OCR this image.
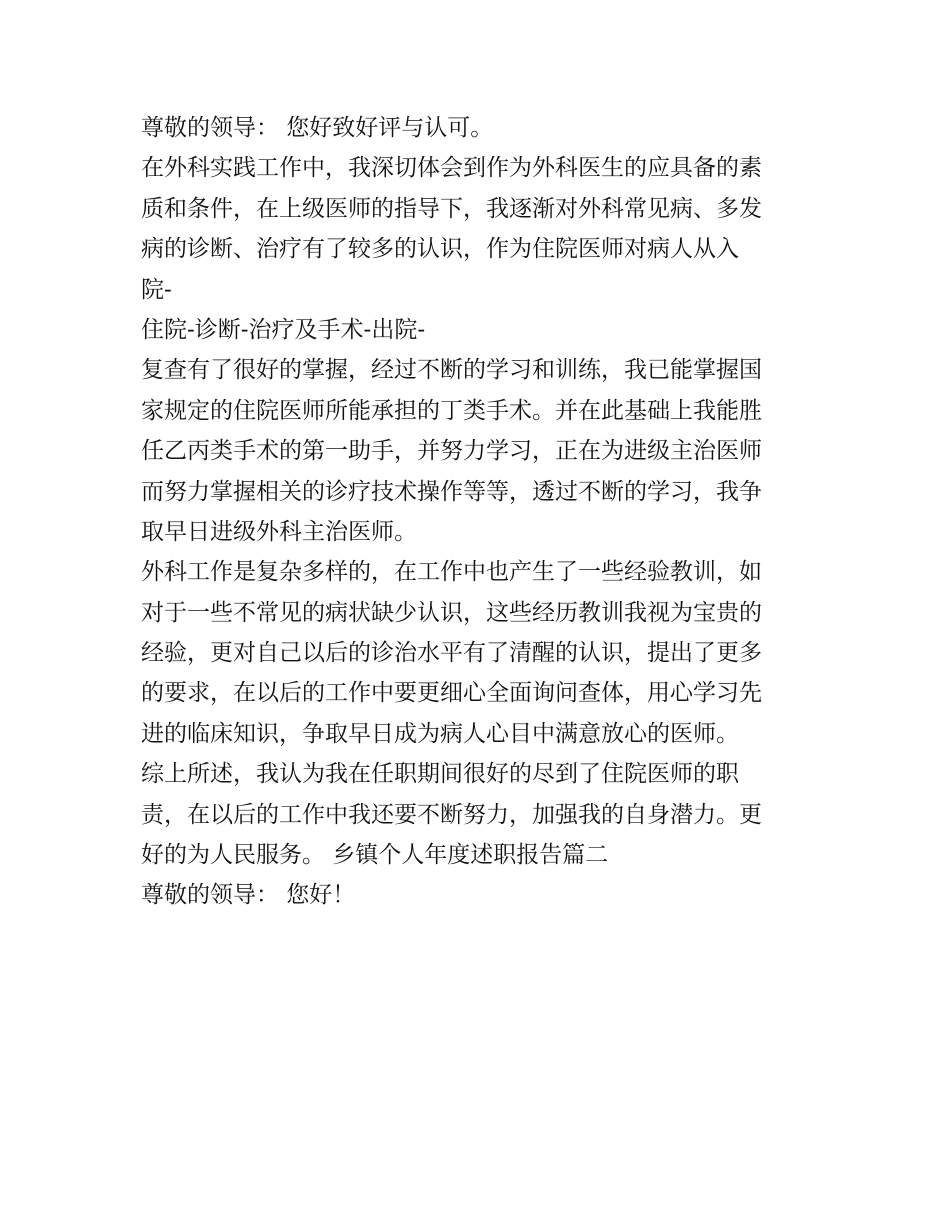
尊敬的领导： 您好致好评与认可。
在外科实践工作中，我深切体会到作为外科医生的应具备的素
质和条件，在上级医师的指导下，我逐渐对外科常见病、多发
病的诊断、治疗有了较多的认识，作为住院医师对病人从入
院-
住院-诊断-治疗及手术-出院-
复查有了很好的掌握，经过不断的学习和训练，我已能掌握国
家规定的住院医师所能承担的丁类手术。并在此基础上我能胜
任乙丙类手术的第一助手，并努力学习，正在为进级主治医师
而努力掌握相关的诊疗技术操作等等，透过不断的学习，我争
取早日进级外科主治医师。
外科工作是复杂多样的，在工作中也产生了一些经验教训，如
对于一些不常见的病状缺少认识，这些经历教训我视为宝贵的
经验，更对自己以后的诊治水平有了清醒的认识，提出了更多
的要求，在以后的工作中要更细心全面询问查体，用心学习先
进的临床知识，争取早日成为病人心目中满意放心的医师。
综上所述，我认为我在任职期间很好的尽到了住院医师的职
责，在以后的工作中我还要不断努力，加强我的自身潜力。更
好的为人民服务。 乡镇个人年度述职报告篇二
尊敬的领导： 您好！
